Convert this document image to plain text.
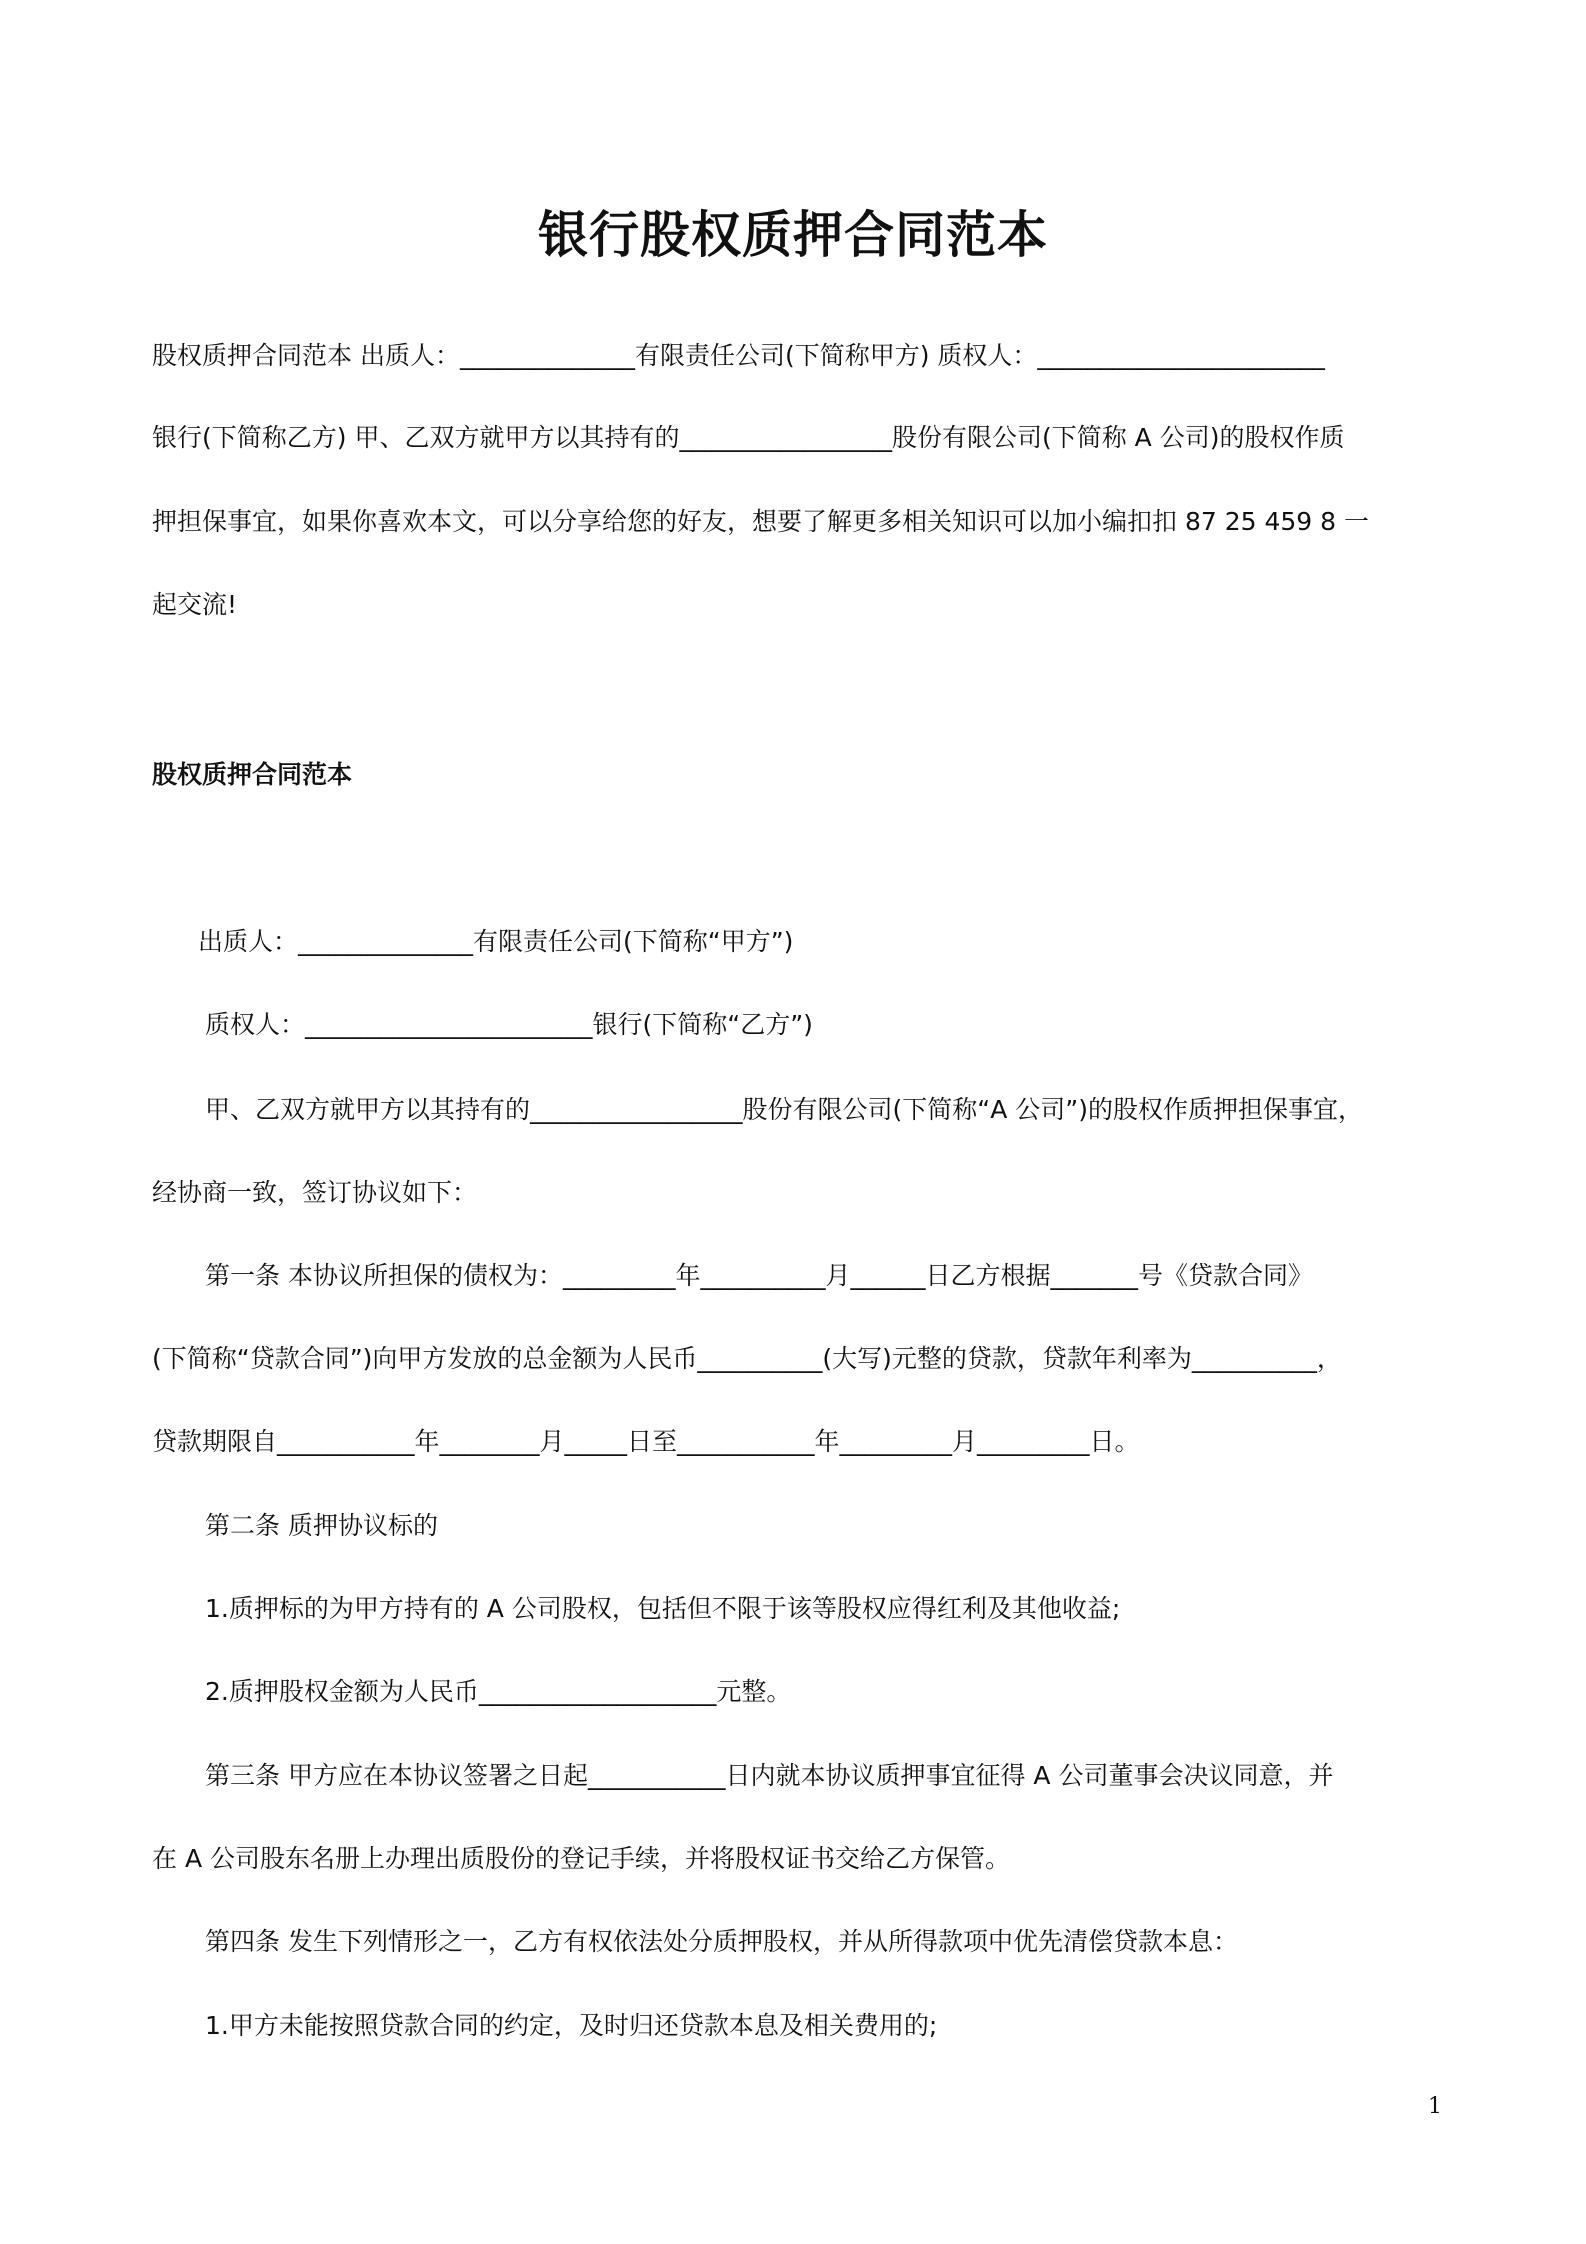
银行股权质押合同范本
股权质押合同范本 出质人：______________有限责任公司(下简称甲方) 质权人：_______________________
银行(下简称乙方) 甲、乙双方就甲方以其持有的_________________股份有限公司(下简称 A 公司)的股权作质
押担保事宜，如果你喜欢本文，可以分享给您的好友，想要了解更多相关知识可以加小编扣扣 87 25 459 8 一
起交流!
股权质押合同范本
出质人：______________有限责任公司(下简称“甲方”)
质权人：_______________________银行(下简称“乙方”)
甲、乙双方就甲方以其持有的_________________股份有限公司(下简称“A 公司”)的股权作质押担保事宜，
经协商一致，签订协议如下：
第一条 本协议所担保的债权为：_________年__________月______日乙方根据_______号《贷款合同》
(下简称“贷款合同”)向甲方发放的总金额为人民币__________(大写)元整的贷款，贷款年利率为__________，
贷款期限自___________年________月_____日至___________年_________月_________日。
第二条 质押协议标的
1.质押标的为甲方持有的 A 公司股权，包括但不限于该等股权应得红利及其他收益;
2.质押股权金额为人民币___________________元整。
第三条 甲方应在本协议签署之日起___________日内就本协议质押事宜征得 A 公司董事会决议同意，并
在 A 公司股东名册上办理出质股份的登记手续，并将股权证书交给乙方保管。
第四条 发生下列情形之一，乙方有权依法处分质押股权，并从所得款项中优先清偿贷款本息：
1.甲方未能按照贷款合同的约定，及时归还贷款本息及相关费用的;
1
